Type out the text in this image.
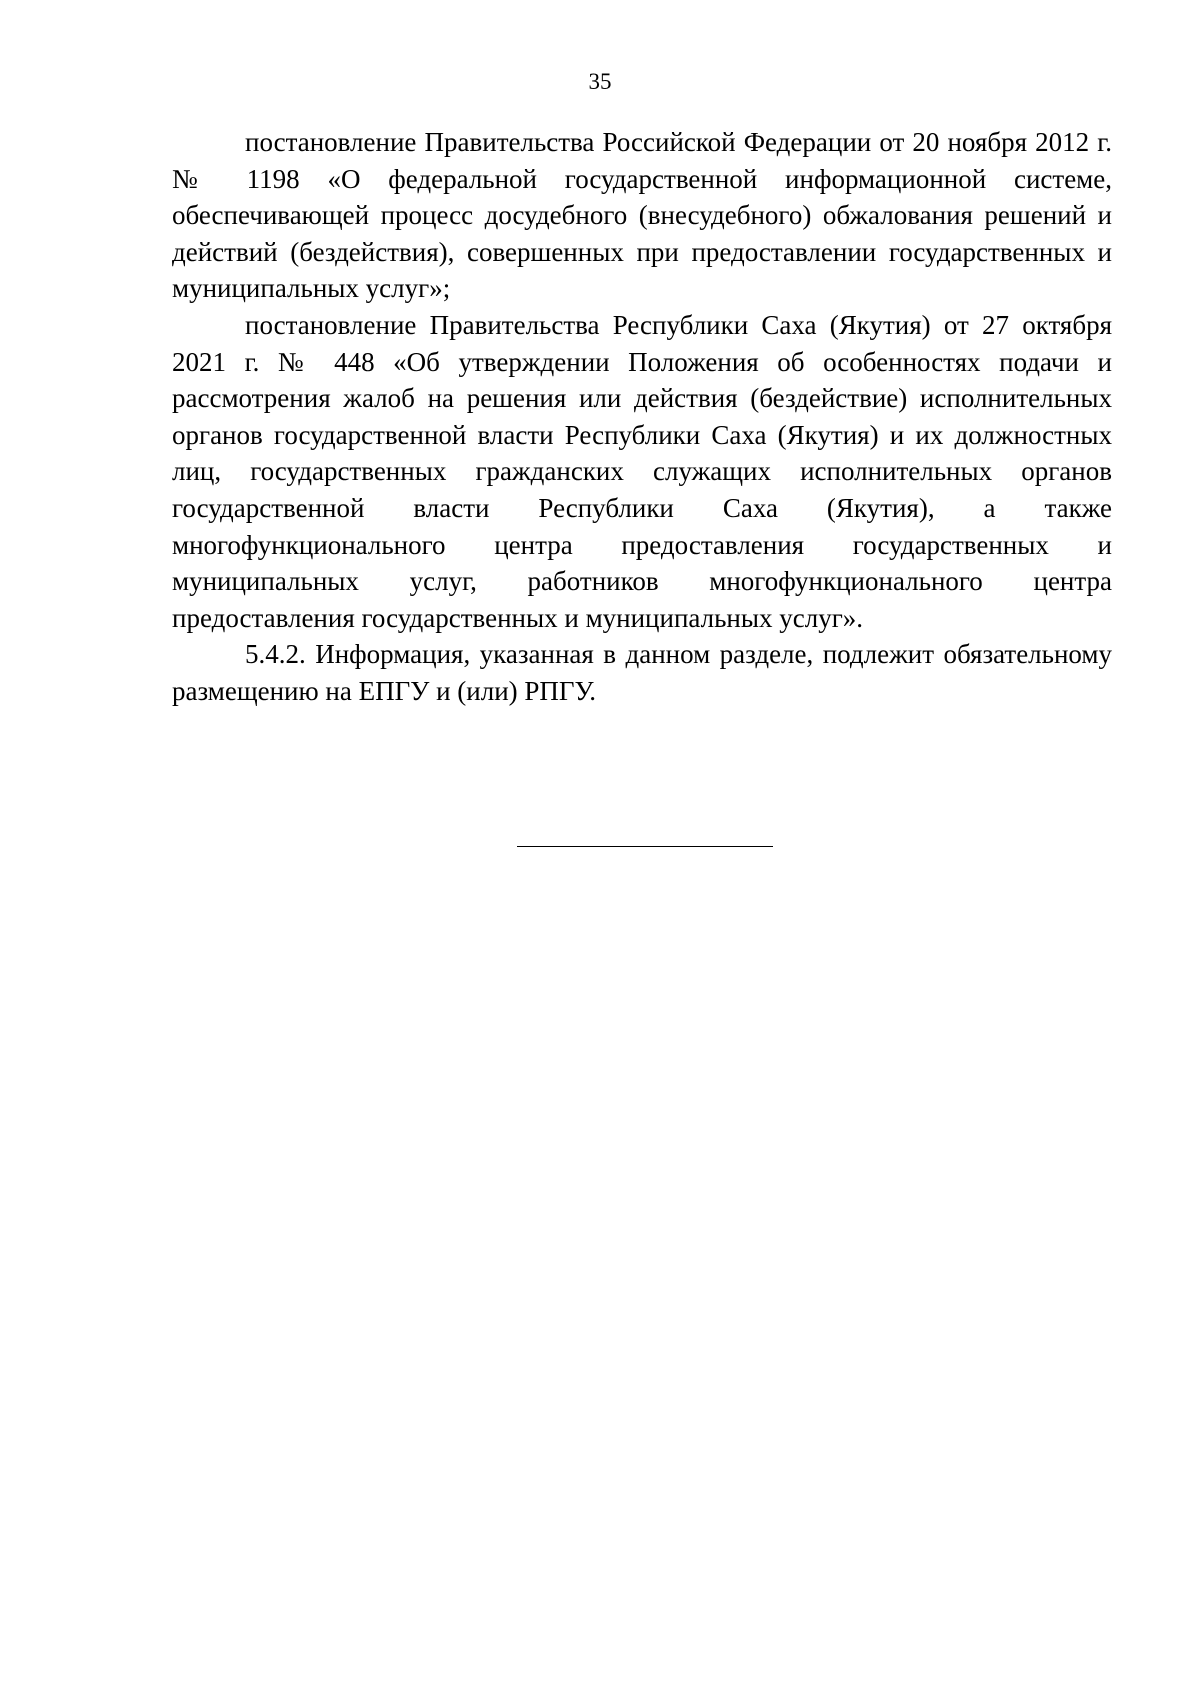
35

постановление Правительства Российской Федерации от 20 ноября 2012 г. № 1198 «О федеральной государственной информационной системе, обеспечивающей процесс досудебного (внесудебного) обжалования решений и действий (бездействия), совершенных при предоставлении государственных и муниципальных услуг»;

постановление Правительства Республики Саха (Якутия) от 27 октября 2021 г. № 448 «Об утверждении Положения об особенностях подачи и рассмотрения жалоб на решения или действия (бездействие) исполнительных органов государственной власти Республики Саха (Якутия) и их должностных лиц, государственных гражданских служащих исполнительных органов государственной власти Республики Саха (Якутия), а также многофункционального центра предоставления государственных и муниципальных услуг, работников многофункционального центра предоставления государственных и муниципальных услуг».

5.4.2. Информация, указанная в данном разделе, подлежит обязательному размещению на ЕПГУ и (или) РПГУ.
